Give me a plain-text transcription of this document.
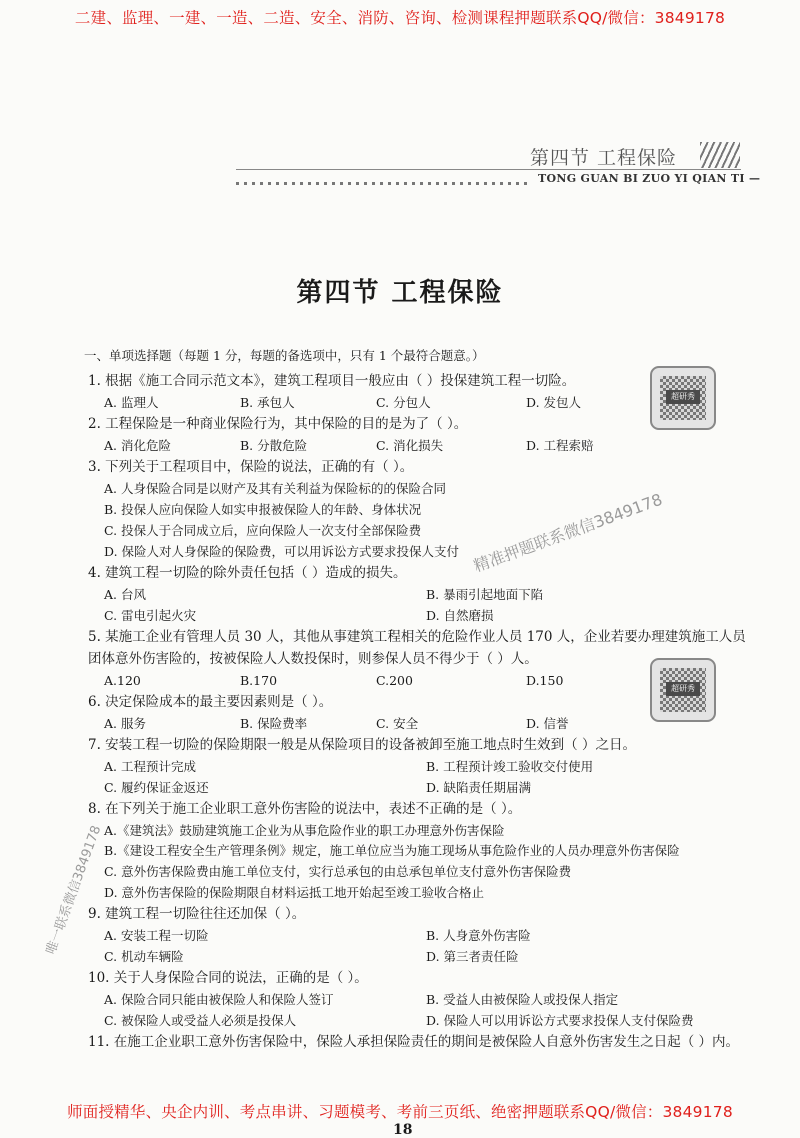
二建、监理、一建、一造、二造、安全、消防、咨询、检测课程押题联系QQ/微信：3849178
第四节 工程保险
TONG GUAN BI ZUO YI QIAN TI —
第四节 工程保险
超研秀
超研秀
一、单项选择题（每题 1 分，每题的备选项中，只有 1 个最符合题意。）
1. 根据《施工合同示范文本》，建筑工程项目一般应由（ ）投保建筑工程一切险。
A. 监理人	B. 承包人	C. 分包人	D. 发包人
2. 工程保险是一种商业保险行为，其中保险的目的是为了（ ）。
A. 消化危险	B. 分散危险	C. 消化损失	D. 工程索赔
3. 下列关于工程项目中，保险的说法，正确的有（ ）。
A. 人身保险合同是以财产及其有关利益为保险标的的保险合同
B. 投保人应向保险人如实申报被保险人的年龄、身体状况
C. 投保人于合同成立后，应向保险人一次支付全部保险费
D. 保险人对人身保险的保险费，可以用诉讼方式要求投保人支付
4. 建筑工程一切险的除外责任包括（ ）造成的损失。
A. 台风	B. 暴雨引起地面下陷
C. 雷电引起火灾	D. 自然磨损
5. 某施工企业有管理人员 30 人，其他从事建筑工程相关的危险作业人员 170 人，企业若要办理建筑施工人员团体意外伤害险的，按被保险人人数投保时，则参保人员不得少于（ ）人。
A.120	B.170	C.200	D.150
6. 决定保险成本的最主要因素则是（ ）。
A. 服务	B. 保险费率	C. 安全	D. 信誉
7. 安装工程一切险的保险期限一般是从保险项目的设备被卸至施工地点时生效到（ ）之日。
A. 工程预计完成	B. 工程预计竣工验收交付使用
C. 履约保证金返还	D. 缺陷责任期届满
8. 在下列关于施工企业职工意外伤害险的说法中，表述不正确的是（ ）。
A.《建筑法》鼓励建筑施工企业为从事危险作业的职工办理意外伤害保险
B.《建设工程安全生产管理条例》规定，施工单位应当为施工现场从事危险作业的人员办理意外伤害保险
C. 意外伤害保险费由施工单位支付，实行总承包的由总承包单位支付意外伤害保险费
D. 意外伤害保险的保险期限自材料运抵工地开始起至竣工验收合格止
9. 建筑工程一切险往往还加保（ ）。
A. 安装工程一切险	B. 人身意外伤害险
C. 机动车辆险	D. 第三者责任险
10. 关于人身保险合同的说法，正确的是（ ）。
A. 保险合同只能由被保险人和保险人签订	B. 受益人由被保险人或投保人指定
C. 被保险人或受益人必须是投保人	D. 保险人可以用诉讼方式要求投保人支付保险费
11. 在施工企业职工意外伤害保险中，保险人承担保险责任的期间是被保险人自意外伤害发生之日起（ ）内。
精准押题联系微信3849178
唯一联系微信3849178
师面授精华、央企内训、考点串讲、习题模考、考前三页纸、绝密押题联系QQ/微信：3849178
18
